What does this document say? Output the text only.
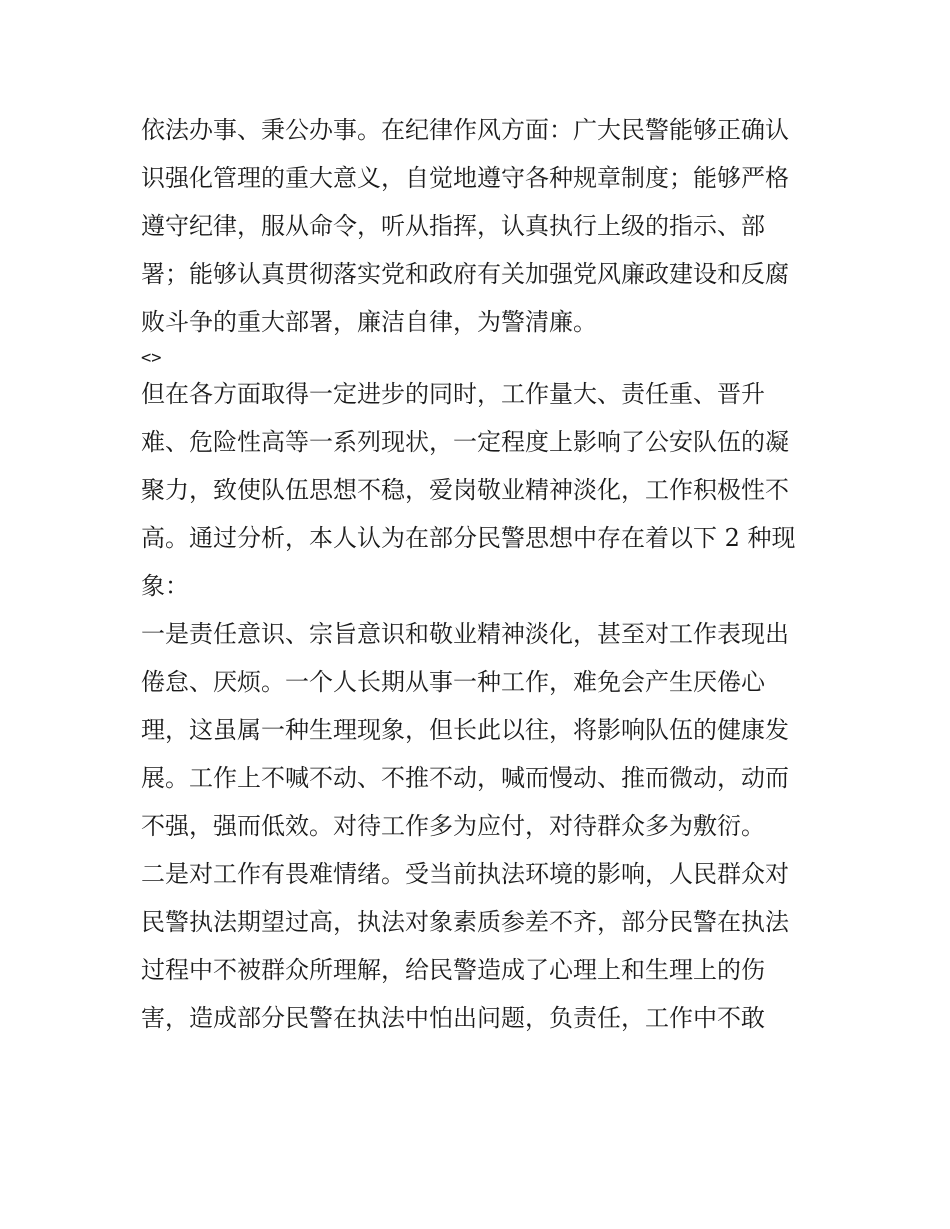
依法办事、秉公办事。在纪律作风方面：广大民警能够正确认
识强化管理的重大意义，自觉地遵守各种规章制度；能够严格
遵守纪律，服从命令，听从指挥，认真执行上级的指示、部
署；能够认真贯彻落实党和政府有关加强党风廉政建设和反腐
败斗争的重大部署，廉洁自律，为警清廉。
<>
但在各方面取得一定进步的同时，工作量大、责任重、晋升
难、危险性高等一系列现状，一定程度上影响了公安队伍的凝
聚力，致使队伍思想不稳，爱岗敬业精神淡化，工作积极性不
高。通过分析，本人认为在部分民警思想中存在着以下 2 种现
象：
一是责任意识、宗旨意识和敬业精神淡化，甚至对工作表现出
倦怠、厌烦。一个人长期从事一种工作，难免会产生厌倦心
理，这虽属一种生理现象，但长此以往，将影响队伍的健康发
展。工作上不喊不动、不推不动，喊而慢动、推而微动，动而
不强，强而低效。对待工作多为应付，对待群众多为敷衍。
二是对工作有畏难情绪。受当前执法环境的影响，人民群众对
民警执法期望过高，执法对象素质参差不齐，部分民警在执法
过程中不被群众所理解，给民警造成了心理上和生理上的伤
害，造成部分民警在执法中怕出问题，负责任，工作中不敢
